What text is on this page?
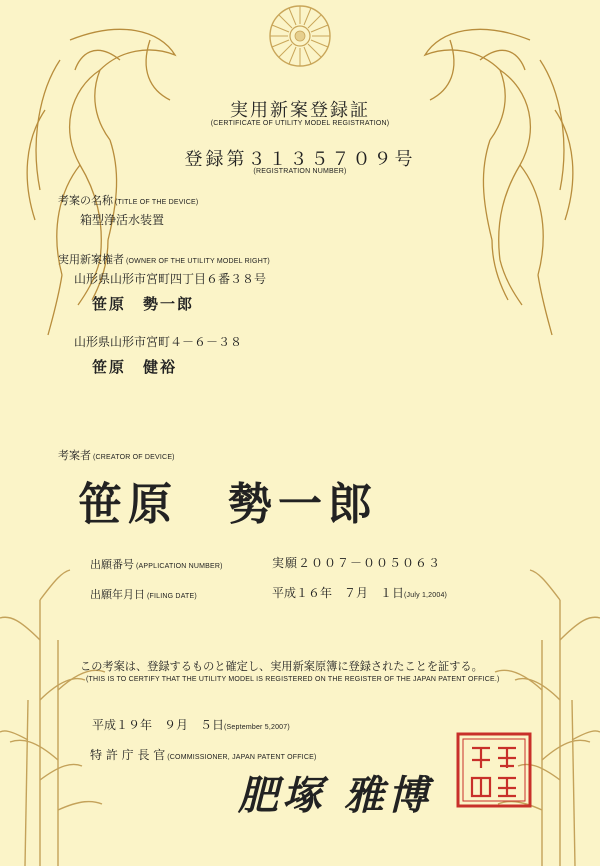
実用新案登録証
(CERTIFICATE OF UTILITY MODEL REGISTRATION)
登録第３１３５７０９号
(REGISTRATION NUMBER)
考案の名称 (TITLE OF THE DEVICE)
箱型浄活水装置
実用新案権者 (OWNER OF THE UTILITY MODEL RIGHT)
山形県山形市宮町四丁目６番３８号
笹原　勢一郎
山形県山形市宮町４－６－３８
笹原　健裕
考案者 (CREATOR OF DEVICE)
笹原　勢一郎
出願番号 (APPLICATION NUMBER)	実願２００７－００５０６３
出願年月日 (FILING DATE)	平成１６年　７月　１日(July 1,2004)
この考案は、登録するものと確定し、実用新案原簿に登録されたことを証する。
(THIS IS TO CERTIFY THAT THE UTILITY MODEL IS REGISTERED ON THE REGISTER OF THE JAPAN PATENT OFFICE.)
平成１９年　９月　５日(September 5,2007)
特 許 庁 長 官 (COMMISSIONER, JAPAN PATENT OFFICE)
肥塚 雅博
